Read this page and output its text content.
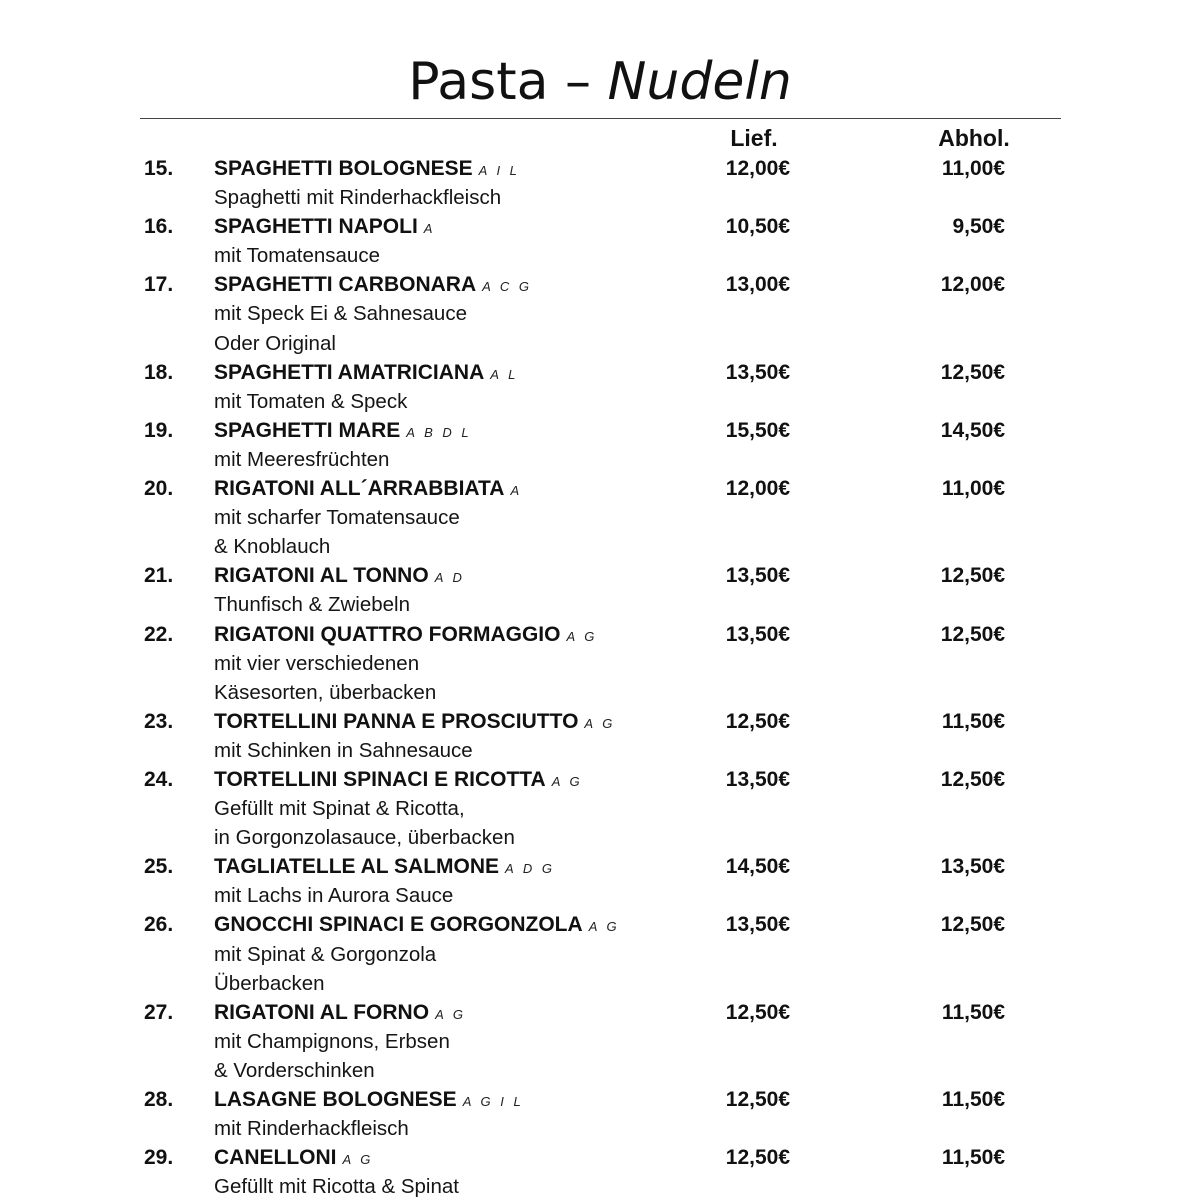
Pasta – Nudeln
Lief.	Abhol.
15. SPAGHETTI BOLOGNESE A I L	12,00€	11,00€
Spaghetti mit Rinderhackfleisch
16. SPAGHETTI NAPOLI A	10,50€	9,50€
mit Tomatensauce
17. SPAGHETTI CARBONARA A C G	13,00€	12,00€
mit Speck Ei & Sahnesauce
Oder Original
18. SPAGHETTI AMATRICIANA A L	13,50€	12,50€
mit Tomaten & Speck
19. SPAGHETTI MARE A B D L	15,50€	14,50€
mit Meeresfrüchten
20. RIGATONI ALL´ARRABBIATA A	12,00€	11,00€
mit scharfer Tomatensauce
& Knoblauch
21. RIGATONI AL TONNO A D	13,50€	12,50€
Thunfisch & Zwiebeln
22. RIGATONI QUATTRO FORMAGGIO A G	13,50€	12,50€
mit vier verschiedenen
Käsesorten, überbacken
23. TORTELLINI PANNA E PROSCIUTTO A G	12,50€	11,50€
mit Schinken in Sahnesauce
24. TORTELLINI SPINACI E RICOTTA A G	13,50€	12,50€
Gefüllt mit Spinat & Ricotta,
in Gorgonzolasauce, überbacken
25. TAGLIATELLE AL SALMONE A D G	14,50€	13,50€
mit Lachs in Aurora Sauce
26. GNOCCHI SPINACI E GORGONZOLA A G	13,50€	12,50€
mit Spinat & Gorgonzola
Überbacken
27. RIGATONI AL FORNO A G	12,50€	11,50€
mit Champignons, Erbsen
& Vorderschinken
28. LASAGNE BOLOGNESE A G I L	12,50€	11,50€
mit Rinderhackfleisch
29. CANELLONI A G	12,50€	11,50€
Gefüllt mit Ricotta & Spinat
